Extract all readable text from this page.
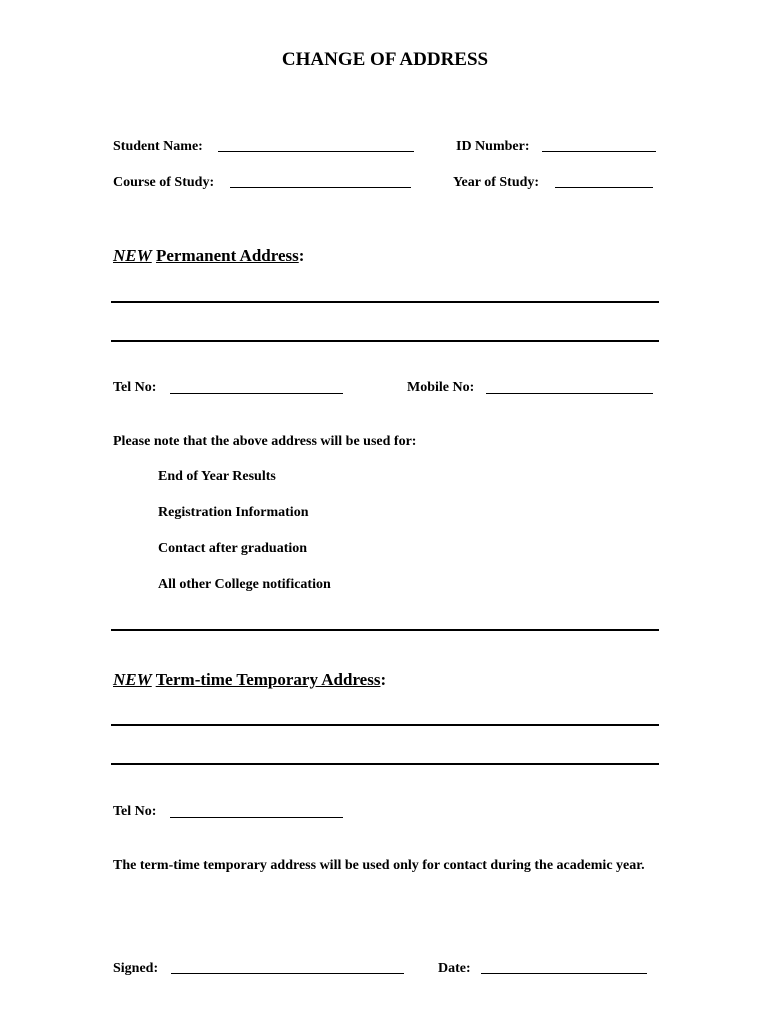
CHANGE OF ADDRESS
Student Name:	ID Number:
Course of Study:	Year of Study:
NEW Permanent Address:
Tel No:	Mobile No:
Please note that the above address will be used for:
End of Year Results
Registration Information
Contact after graduation
All other College notification
NEW Term-time Temporary Address:
Tel No:
The term-time temporary address will be used only for contact during the academic year.
Signed:	Date:
